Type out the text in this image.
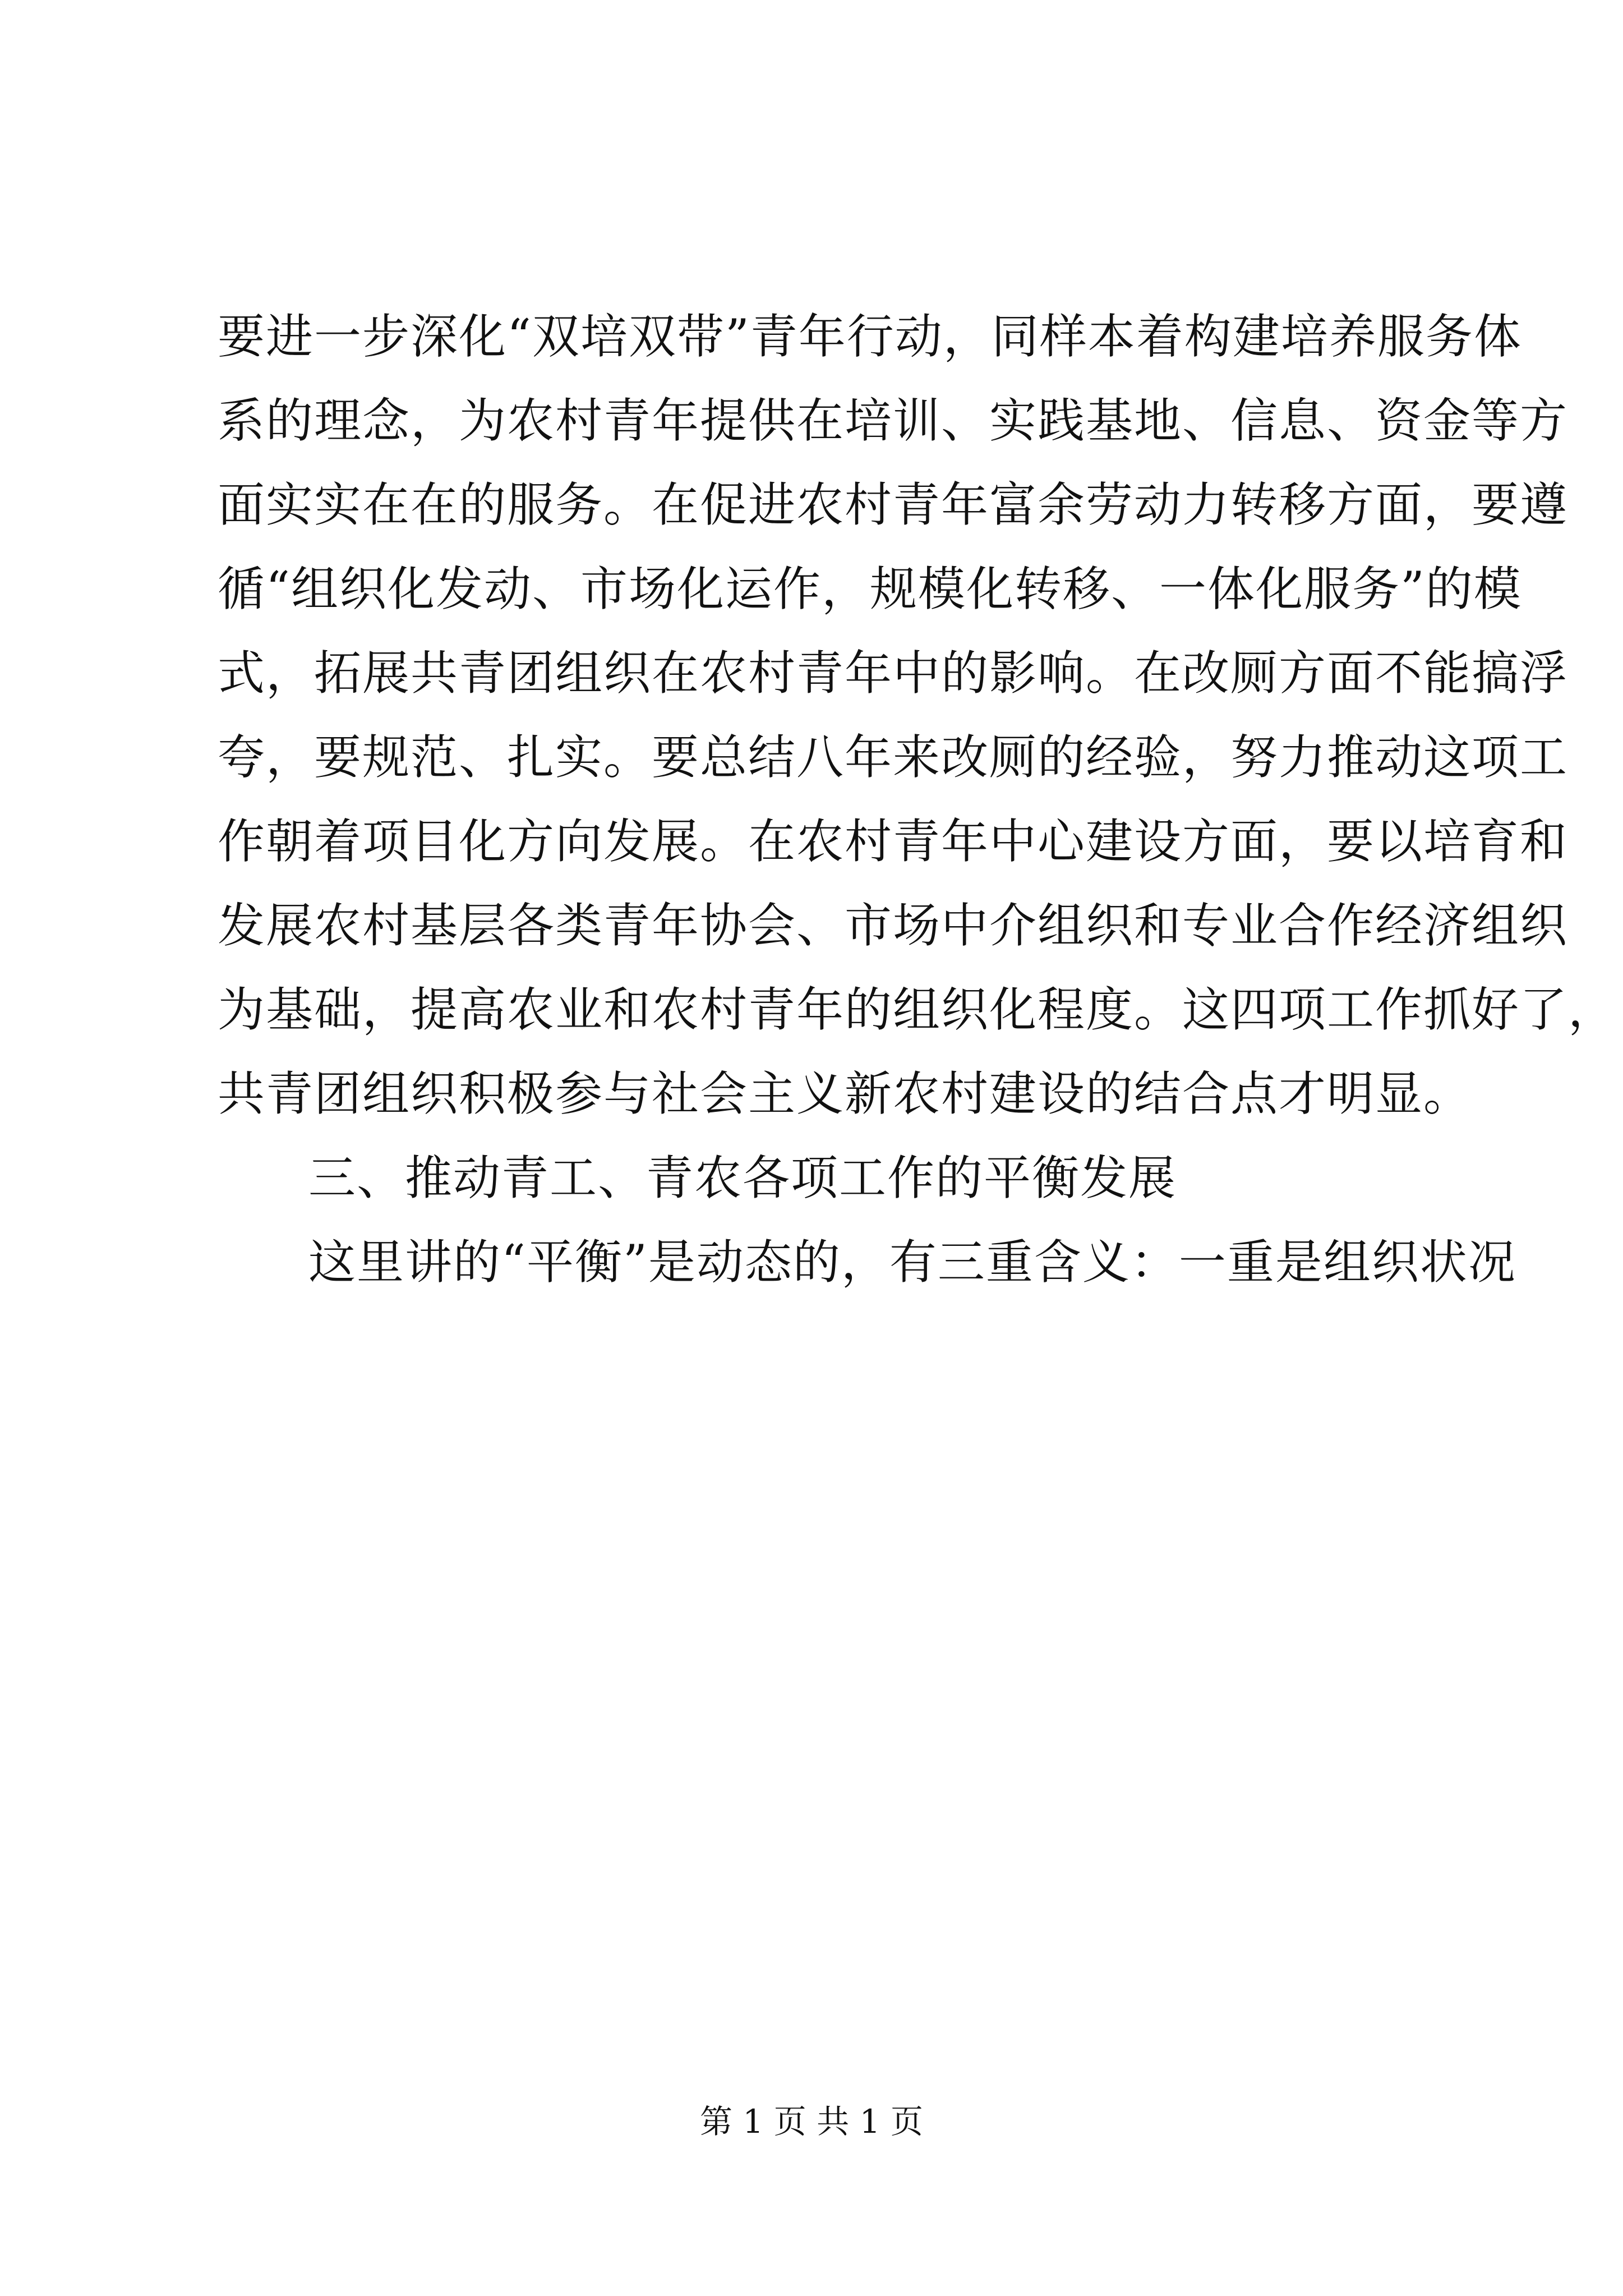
要进一步深化“双培双带”青年行动，同样本着构建培养服务体
系的理念，为农村青年提供在培训、实践基地、信息、资金等方
面实实在在的服务。在促进农村青年富余劳动力转移方面，要遵
循“组织化发动、市场化运作，规模化转移、一体化服务”的模
式，拓展共青团组织在农村青年中的影响。在改厕方面不能搞浮
夸，要规范、扎实。要总结八年来改厕的经验，努力推动这项工
作朝着项目化方向发展。在农村青年中心建设方面，要以培育和
发展农村基层各类青年协会、市场中介组织和专业合作经济组织
为基础，提高农业和农村青年的组织化程度。这四项工作抓好了，
共青团组织积极参与社会主义新农村建设的结合点才明显。
三、推动青工、青农各项工作的平衡发展
这里讲的“平衡”是动态的，有三重含义：一重是组织状况
第 1 页 共 1 页
